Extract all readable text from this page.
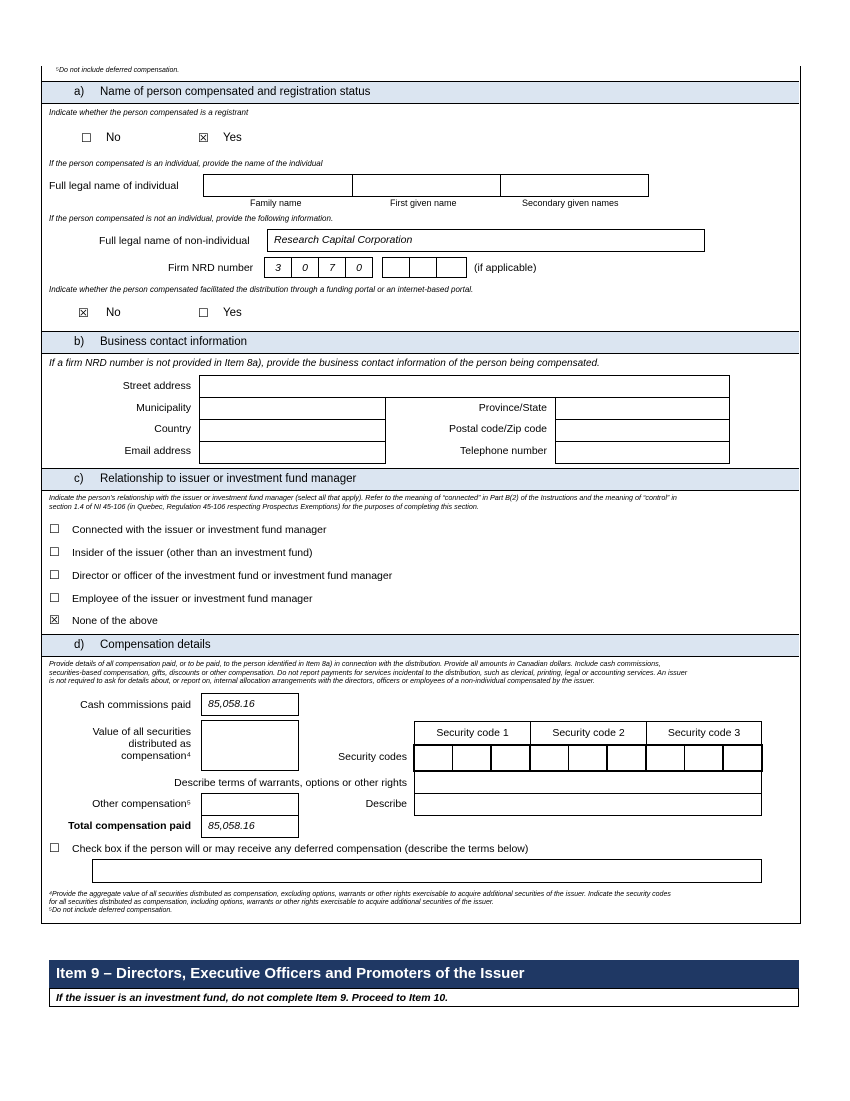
⁵Do not include deferred compensation.
a) Name of person compensated and registration status
Indicate whether the person compensated is a registrant
☐ No	☒ Yes
If the person compensated is an individual, provide the name of the individual
Full legal name of individual
Family name	First given name	Secondary given names
If the person compensated is not an individual, provide the following information.
Full legal name of non-individual	Research Capital Corporation
Firm NRD number	3	0	7	0	(if applicable)
Indicate whether the person compensated facilitated the distribution through a funding portal or an internet-based portal.
☒ No	☐ Yes
b) Business contact information
If a firm NRD number is not provided in Item 8a), provide the business contact information of the person being compensated.
Street address
Municipality	Province/State
Country	Postal code/Zip code
Email address	Telephone number
c) Relationship to issuer or investment fund manager
Indicate the person’s relationship with the issuer or investment fund manager (select all that apply). Refer to the meaning of “connected” in Part B(2) of the Instructions and the meaning of “control” in
section 1.4 of NI 45-106 (in Quebec, Regulation 45-106 respecting Prospectus Exemptions) for the purposes of completing this section.
☐ Connected with the issuer or investment fund manager
☐ Insider of the issuer (other than an investment fund)
☐ Director or officer of the investment fund or investment fund manager
☐ Employee of the issuer or investment fund manager
☒ None of the above
d) Compensation details
Provide details of all compensation paid, or to be paid, to the person identified in Item 8a) in connection with the distribution. Provide all amounts in Canadian dollars. Include cash commissions,
securities-based compensation, gifts, discounts or other compensation. Do not report payments for services incidental to the distribution, such as clerical, printing, legal or accounting services. An issuer
is not required to ask for details about, or report on, internal allocation arrangements with the directors, officers or employees of a non-individual compensated by the issuer.
Cash commissions paid	85,058.16
Value of all securities
distributed as
compensation⁴
Security code 1	Security code 2	Security code 3
Security codes
Describe terms of warrants, options or other rights
Other compensation⁵	Describe
Total compensation paid	85,058.16
☐ Check box if the person will or may receive any deferred compensation (describe the terms below)
⁴Provide the aggregate value of all securities distributed as compensation, excluding options, warrants or other rights exercisable to acquire additional securities of the issuer. Indicate the security codes
for all securities distributed as compensation, including options, warrants or other rights exercisable to acquire additional securities of the issuer.
⁵Do not include deferred compensation.
Item 9 – Directors, Executive Officers and Promoters of the Issuer
If the issuer is an investment fund, do not complete Item 9. Proceed to Item 10.
